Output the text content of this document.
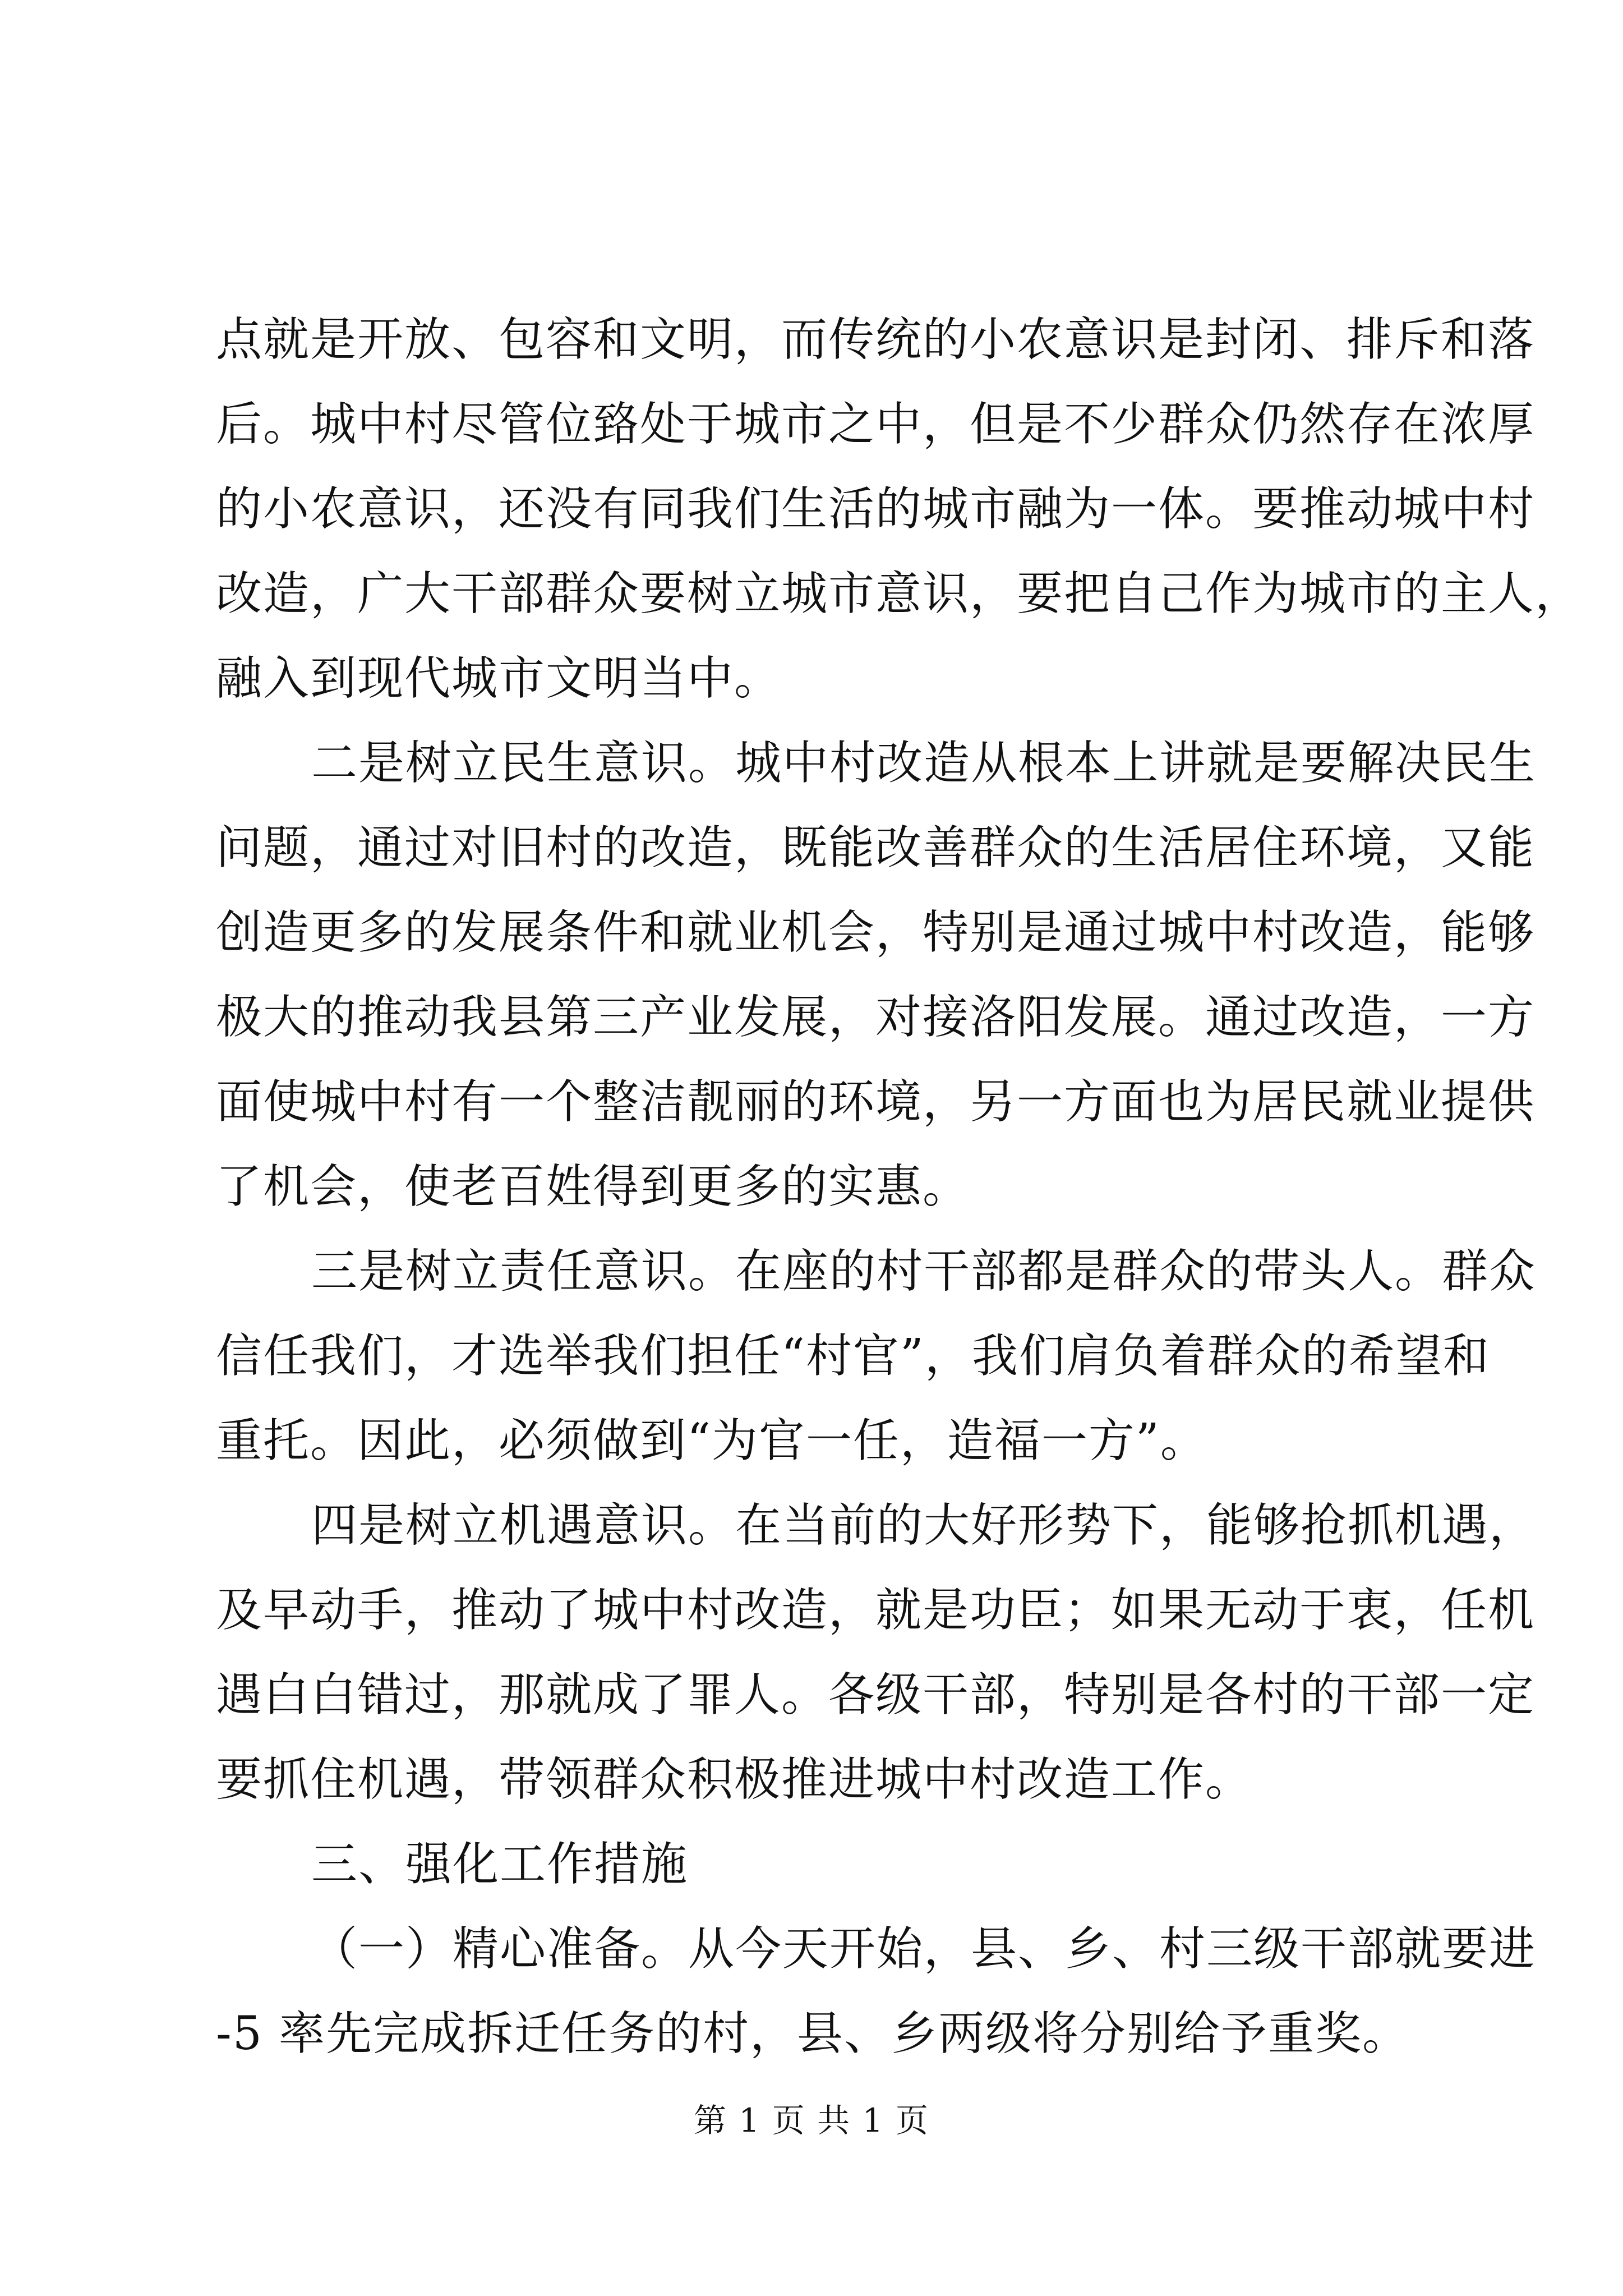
点就是开放、包容和文明，而传统的小农意识是封闭、排斥和落
后。城中村尽管位臵处于城市之中，但是不少群众仍然存在浓厚
的小农意识，还没有同我们生活的城市融为一体。要推动城中村
改造，广大干部群众要树立城市意识，要把自己作为城市的主人，
融入到现代城市文明当中。
二是树立民生意识。城中村改造从根本上讲就是要解决民生
问题，通过对旧村的改造，既能改善群众的生活居住环境，又能
创造更多的发展条件和就业机会，特别是通过城中村改造，能够
极大的推动我县第三产业发展，对接洛阳发展。通过改造，一方
面使城中村有一个整洁靓丽的环境，另一方面也为居民就业提供
了机会，使老百姓得到更多的实惠。
三是树立责任意识。在座的村干部都是群众的带头人。群众
信任我们，才选举我们担任“村官”，我们肩负着群众的希望和
重托。因此，必须做到“为官一任，造福一方”。
四是树立机遇意识。在当前的大好形势下，能够抢抓机遇，
及早动手，推动了城中村改造，就是功臣；如果无动于衷，任机
遇白白错过，那就成了罪人。各级干部，特别是各村的干部一定
要抓住机遇，带领群众积极推进城中村改造工作。
三、强化工作措施
（一）精心准备。从今天开始，县、乡、村三级干部就要进
-5 率先完成拆迁任务的村，县、乡两级将分别给予重奖。
第 1 页 共 1 页
